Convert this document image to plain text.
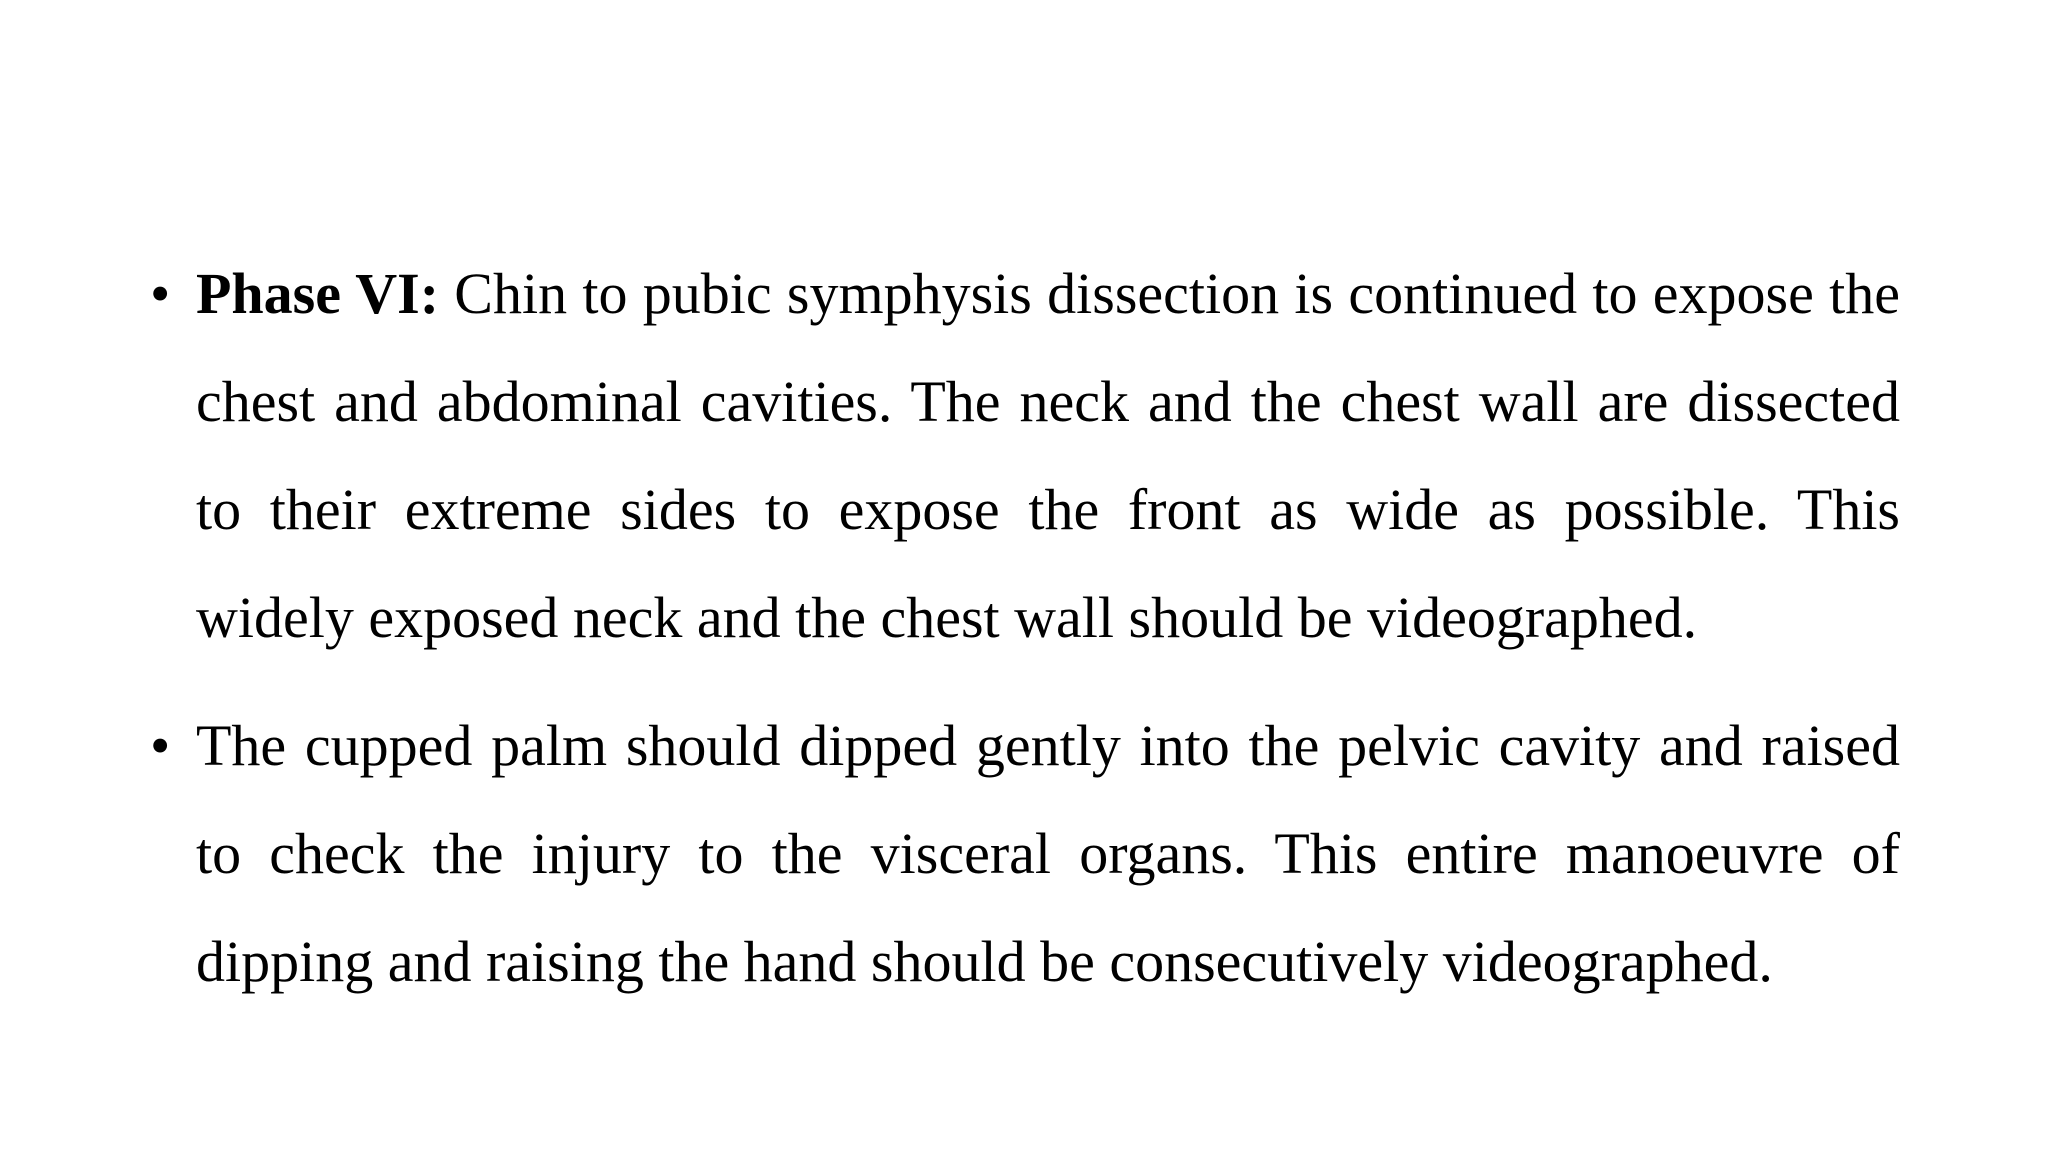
• Phase VI: Chin to pubic symphysis dissection is continued to expose the chest and abdominal cavities. The neck and the chest wall are dissected to their extreme sides to expose the front as wide as possible. This widely exposed neck and the chest wall should be videographed.
• The cupped palm should dipped gently into the pelvic cavity and raised to check the injury to the visceral organs. This entire manoeuvre of dipping and raising the hand should be consecutively videographed.
